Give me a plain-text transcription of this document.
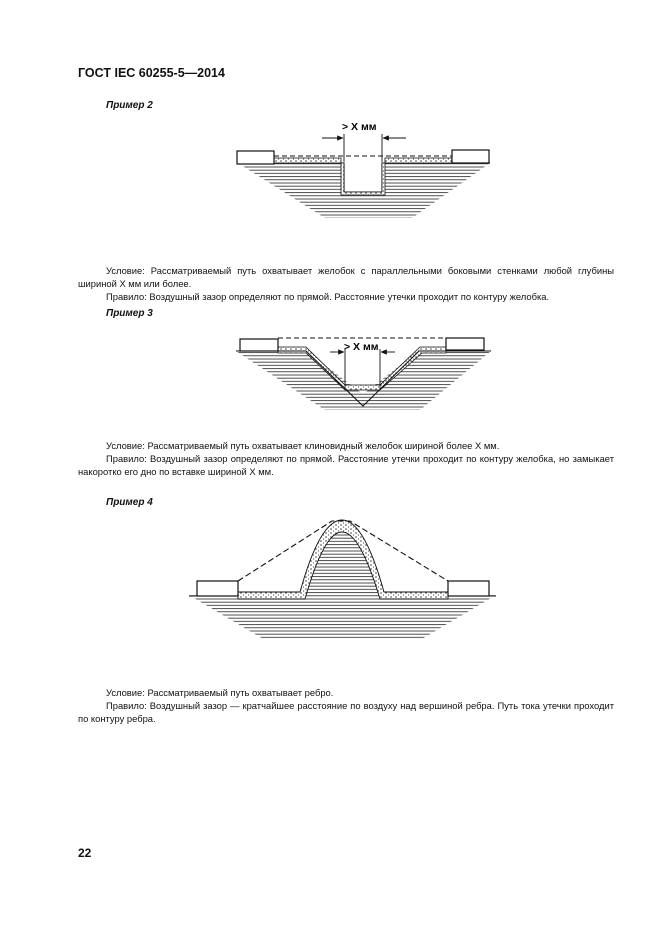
ГОСТ IEC 60255-5—2014
Пример 2
> X мм

Условие: Рассматриваемый путь охватывает желобок с параллельными боковыми стенками любой глубины шириной X мм или более.

Правило: Воздушный зазор определяют по прямой. Расстояние утечки проходит по контуру желобка.

Пример 3
> X мм

Условие: Рассматриваемый путь охватывает клиновидный желобок шириной более X мм.

Правило: Воздушный зазор определяют по прямой. Расстояние утечки проходит по контуру желобка, но замыкает накоротко его дно по вставке шириной X мм.

Пример 4

Условие: Рассматриваемый путь охватывает ребро.

Правило: Воздушный зазор — кратчайшее расстояние по воздуху над вершиной ребра. Путь тока утечки проходит по контуру ребра.

22
